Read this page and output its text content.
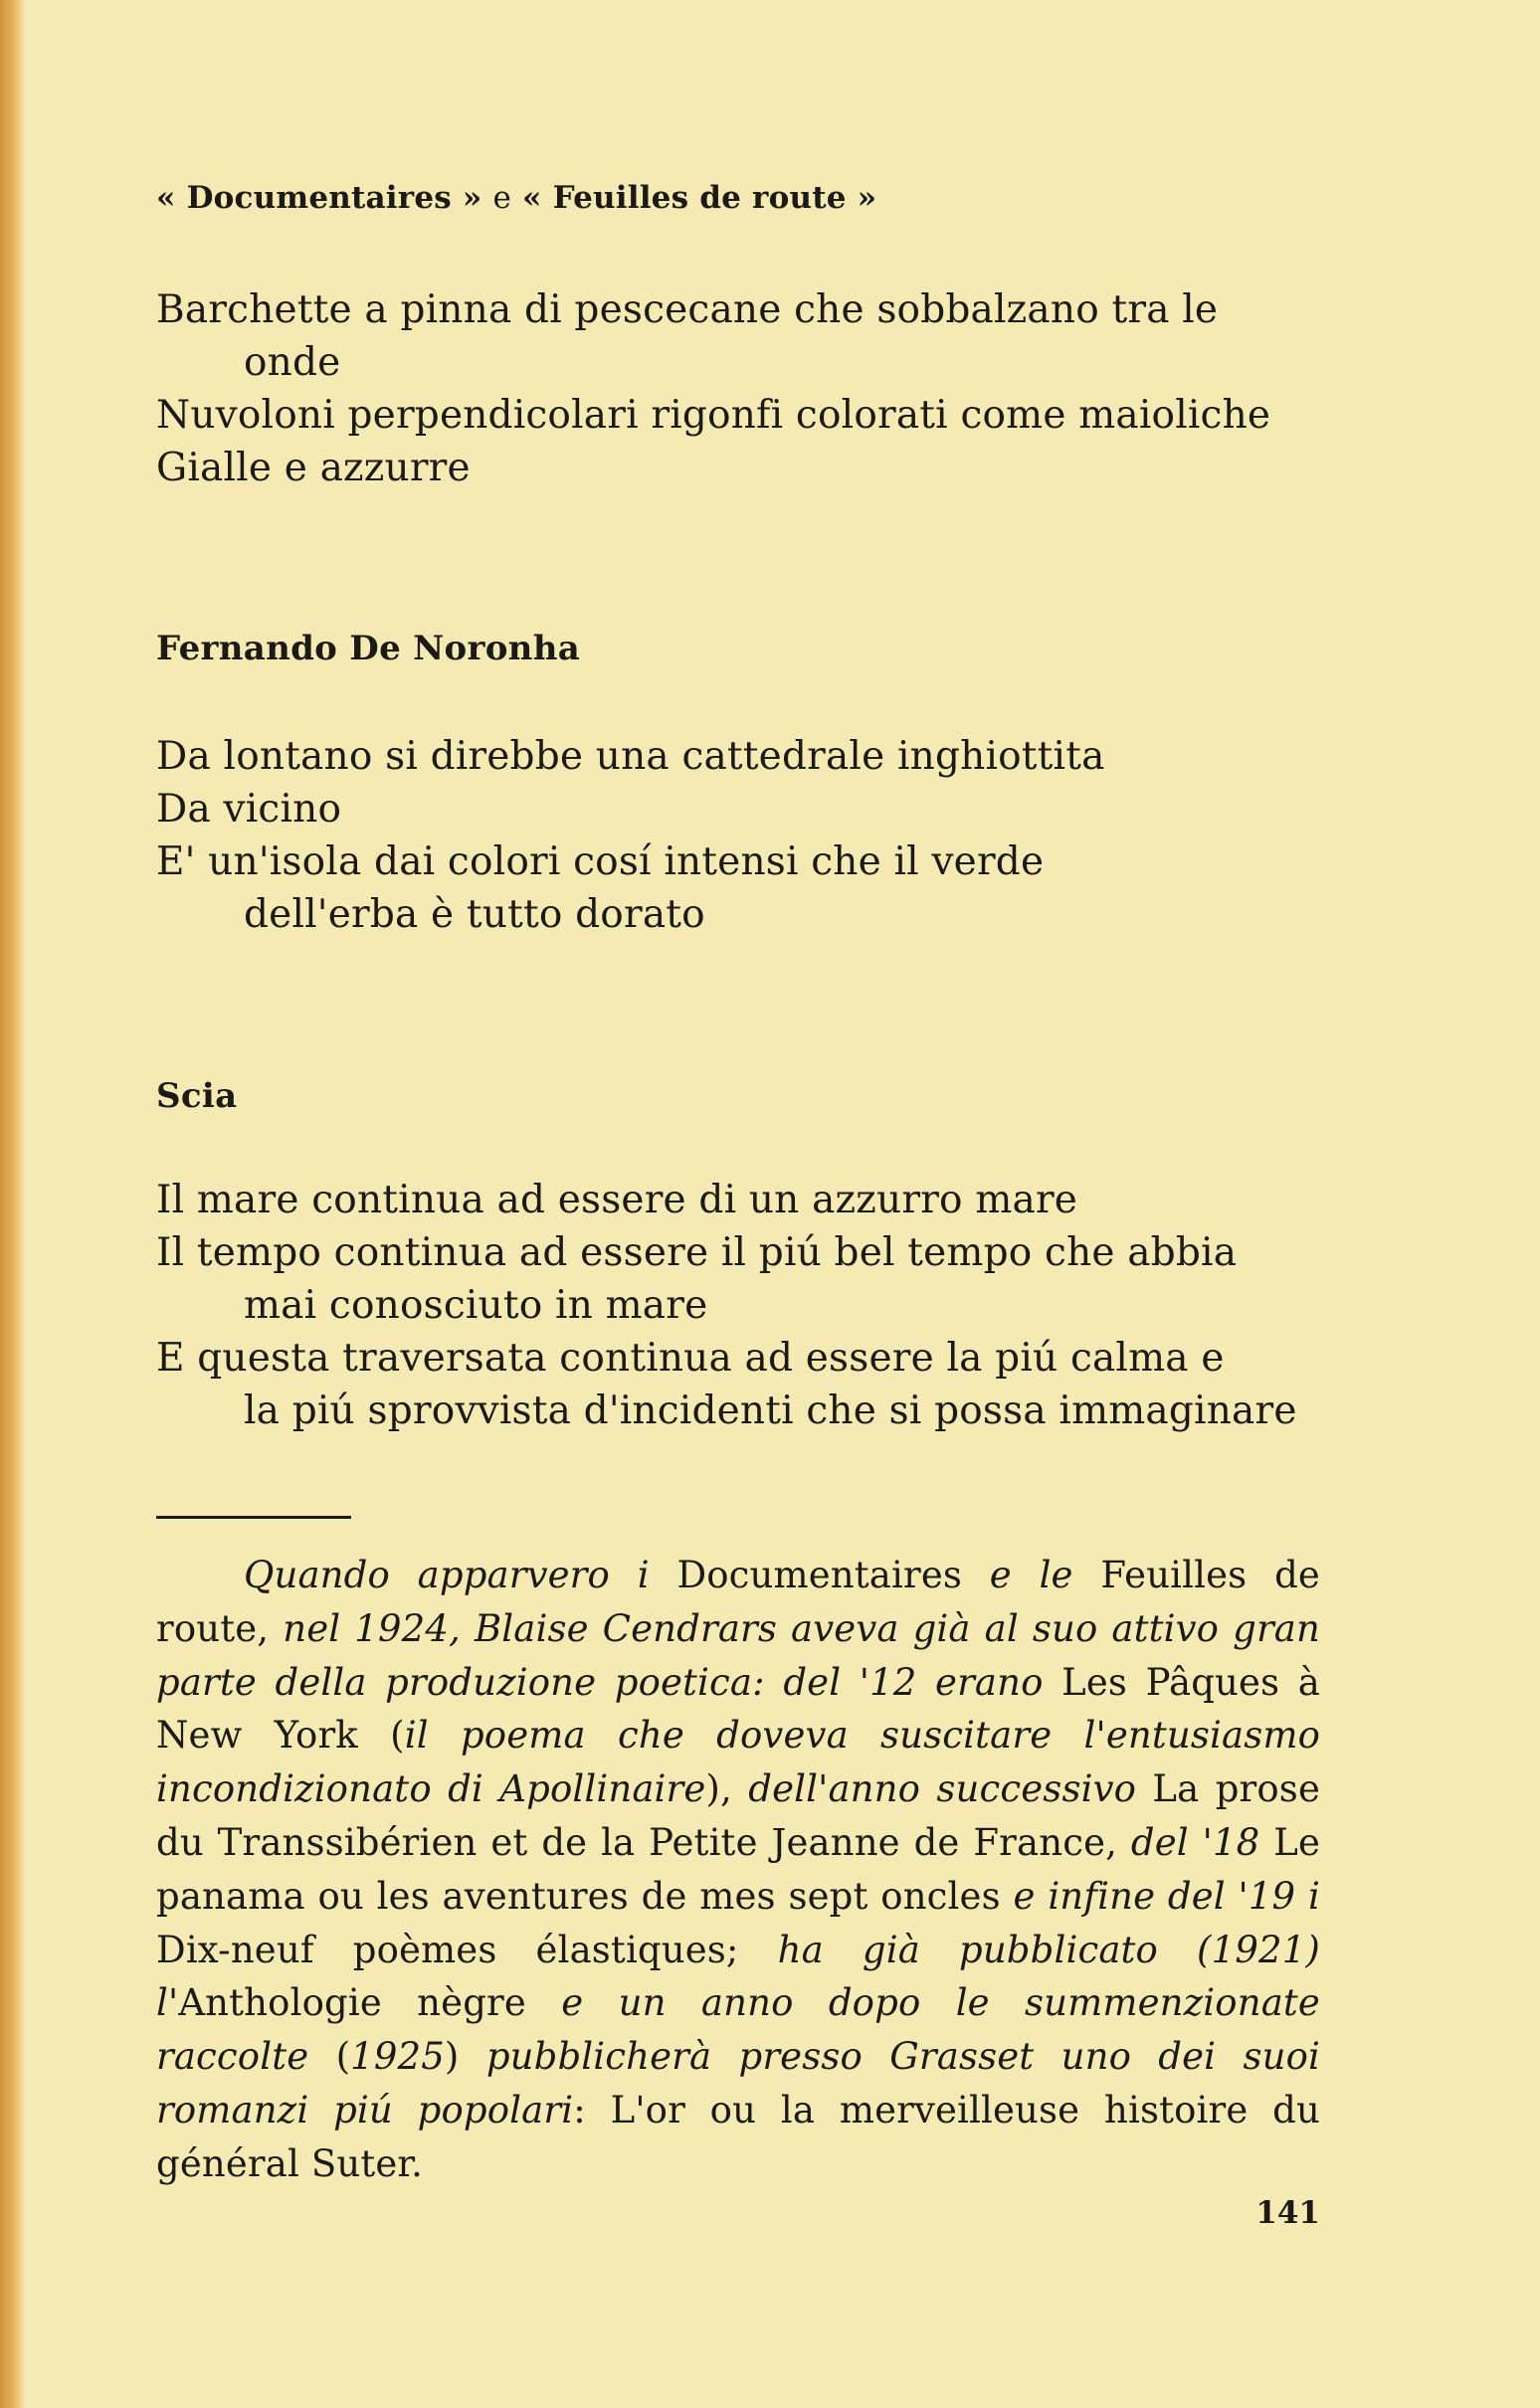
« Documentaires » e « Feuilles de route »
Barchette a pinna di pescecane che sobbalzano tra le
onde
Nuvoloni perpendicolari rigonfi colorati come maioliche
Gialle e azzurre
Fernando De Noronha
Da lontano si direbbe una cattedrale inghiottita
Da vicino
E' un'isola dai colori cosí intensi che il verde
dell'erba è tutto dorato
Scia
Il mare continua ad essere di un azzurro mare
Il tempo continua ad essere il piú bel tempo che abbia
mai conosciuto in mare
E questa traversata continua ad essere la piú calma e
la piú sprovvista d'incidenti che si possa immaginare
Quando apparvero i Documentaires e le Feuilles de route, nel 1924, Blaise Cendrars aveva già al suo attivo gran parte della produzione poetica: del '12 erano Les Pâques à New York (il poema che doveva suscitare l'entusiasmo incondizionato di Apollinaire), dell'anno successivo La prose du Transsibérien et de la Petite Jeanne de France, del '18 Le panama ou les aventures de mes sept oncles e infine del '19 i Dix-neuf poèmes élastiques; ha già pubblicato (1921) l'Anthologie nègre e un anno dopo le summenzionate raccolte (1925) pubblicherà presso Grasset uno dei suoi romanzi piú popolari: L'or ou la merveilleuse histoire du général Suter.
141
